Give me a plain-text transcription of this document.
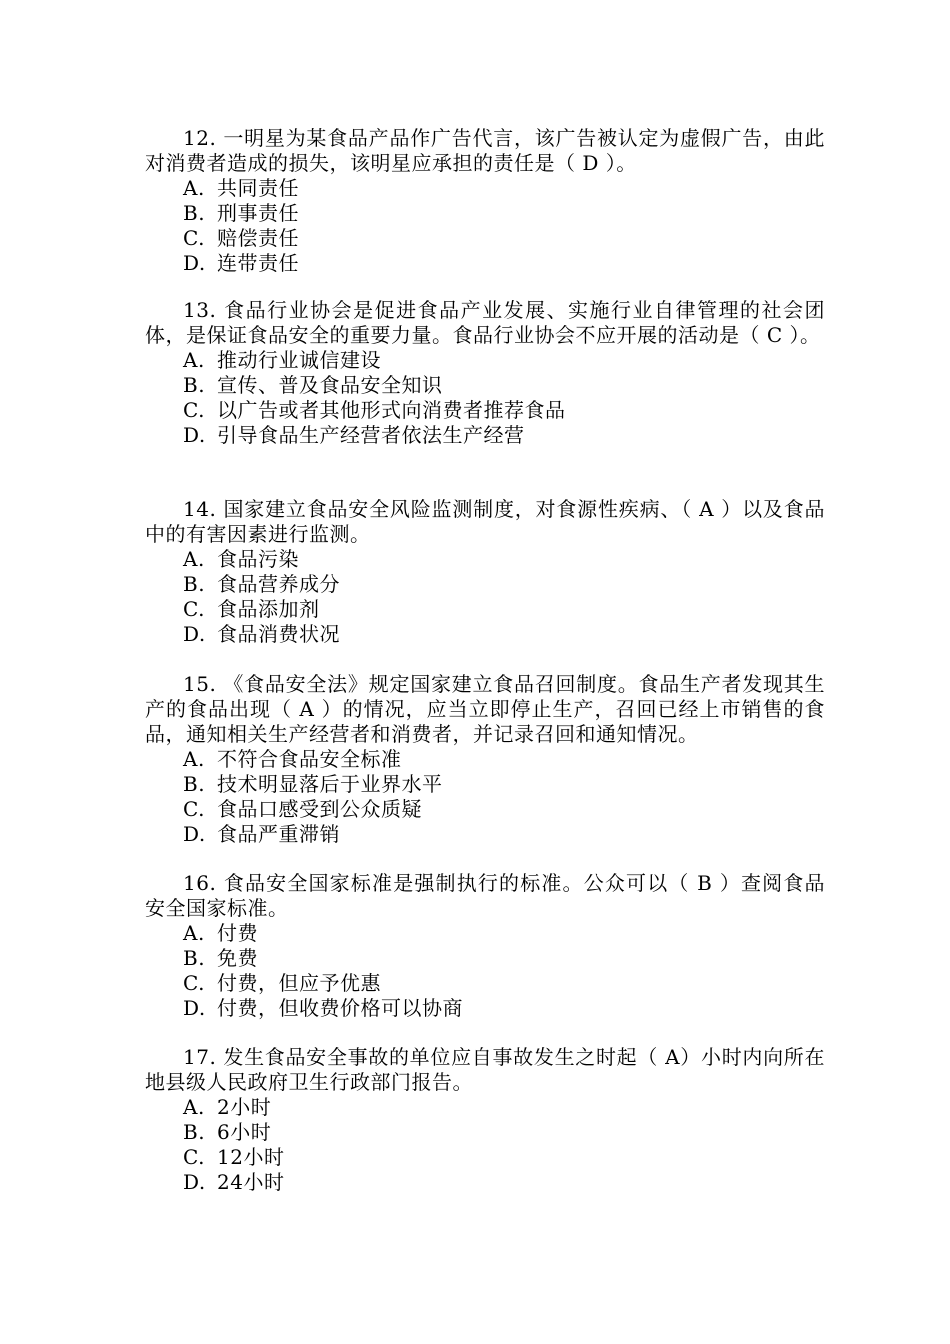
12. 一明星为某食品产品作广告代言，该广告被认定为虚假广告，由此对消费者造成的损失，该明星应承担的责任是（ D ）。

A. 共同责任
B. 刑事责任
C. 赔偿责任
D. 连带责任

13. 食品行业协会是促进食品产业发展、实施行业自律管理的社会团体，是保证食品安全的重要力量。食品行业协会不应开展的活动是（ C ）。

A. 推动行业诚信建设
B. 宣传、普及食品安全知识
C. 以广告或者其他形式向消费者推荐食品
D. 引导食品生产经营者依法生产经营

14. 国家建立食品安全风险监测制度，对食源性疾病、（ A ）以及食品中的有害因素进行监测。

A. 食品污染
B. 食品营养成分
C. 食品添加剂
D. 食品消费状况

15. 《食品安全法》规定国家建立食品召回制度。食品生产者发现其生产的食品出现（ A ）的情况，应当立即停止生产，召回已经上市销售的食品，通知相关生产经营者和消费者，并记录召回和通知情况。

A. 不符合食品安全标准
B. 技术明显落后于业界水平
C. 食品口感受到公众质疑
D. 食品严重滞销

16. 食品安全国家标准是强制执行的标准。公众可以（ B ）查阅食品安全国家标准。

A. 付费
B. 免费
C. 付费，但应予优惠
D. 付费，但收费价格可以协商

17. 发生食品安全事故的单位应自事故发生之时起（ A）小时内向所在地县级人民政府卫生行政部门报告。

A. 2小时
B. 6小时
C. 12小时
D. 24小时
